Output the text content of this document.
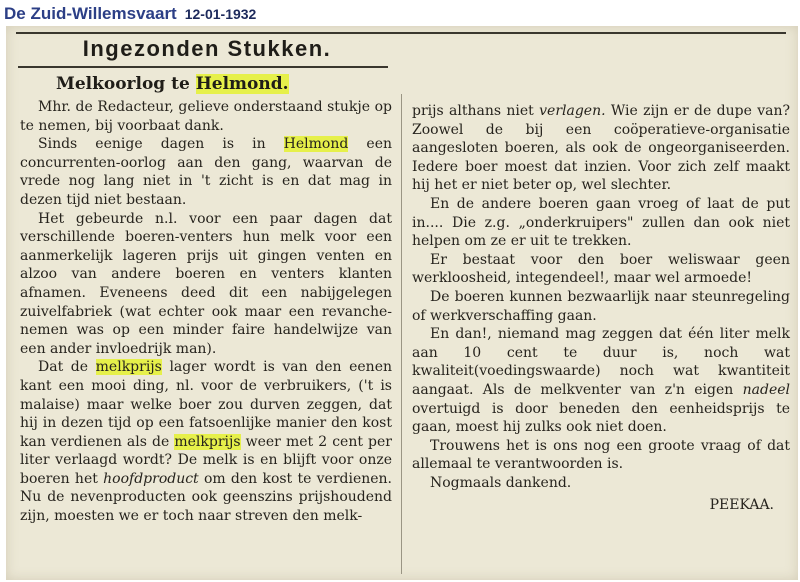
De Zuid-Willemsvaart 12-01-1932
Ingezonden Stukken.
Melkoorlog te Helmond.

Mhr. de Redacteur, gelieve onderstaand stukje op te nemen, bij voorbaat dank.

Sinds eenige dagen is in Helmond een concurrenten-oorlog aan den gang, waarvan de vrede nog lang niet in 't zicht is en dat mag in dezen tijd niet bestaan.

Het gebeurde n.l. voor een paar dagen dat verschillende boeren-venters hun melk voor een aanmerkelijk lageren prijs uit gingen venten en alzoo van andere boeren en venters klanten afnamen. Eveneens deed dit een nabijgelegen zuivelfabriek (wat echter ook maar een revanche-nemen was op een minder faire handelwijze van een ander invloedrijk man).

Dat de melkprijs lager wordt is van den eenen kant een mooi ding, nl. voor de verbruikers, ('t is malaise) maar welke boer zou durven zeggen, dat hij in dezen tijd op een fatsoenlijke manier den kost kan verdienen als de melkprijs weer met 2 cent per liter verlaagd wordt? De melk is en blijft voor onze boeren het hoofdproduct om den kost te verdienen. Nu de nevenproducten ook geenszins prijshoudend zijn, moesten we er toch naar streven den melk-

prijs althans niet verlagen. Wie zijn er de dupe van? Zoowel de bij een coöperatieve-organisatie aangesloten boeren, als ook de ongeorganiseerden. Iedere boer moest dat inzien. Voor zich zelf maakt hij het er niet beter op, wel slechter.

En de andere boeren gaan vroeg of laat de put in.... Die z.g. „onderkruipers" zullen dan ook niet helpen om ze er uit te trekken.

Er bestaat voor den boer weliswaar geen werkloosheid, integendeel!, maar wel armoede!

De boeren kunnen bezwaarlijk naar steunregeling of werkverschaffing gaan.

En dan!, niemand mag zeggen dat één liter melk aan 10 cent te duur is, noch wat kwaliteit(voedingswaarde) noch wat kwantiteit aangaat. Als de melkventer van z'n eigen nadeel overtuigd is door beneden den eenheidsprijs te gaan, moest hij zulks ook niet doen.

Trouwens het is ons nog een groote vraag of dat allemaal te verantwoorden is.

Nogmaals dankend.

PEEKAA.
